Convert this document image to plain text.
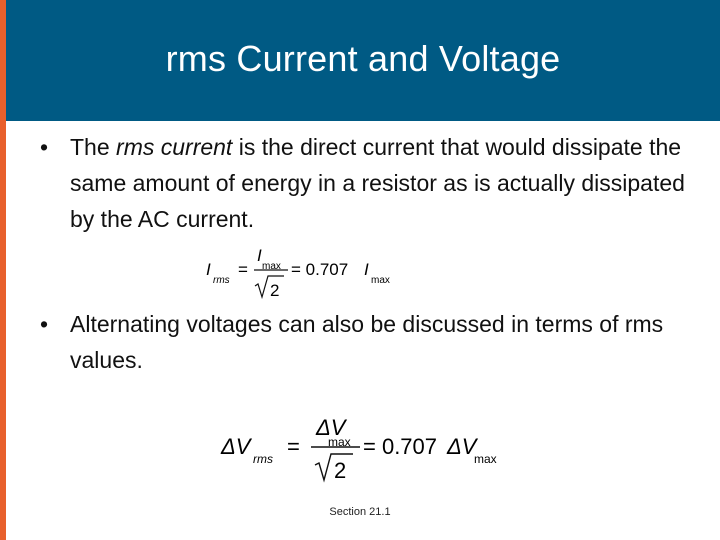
rms Current and Voltage
• The rms current is the direct current that would dissipate the same amount of energy in a resistor as is actually dissipated by the AC current.
I
rms
=
I
max
2
= 0.707 I
max
• Alternating voltages can also be discussed in terms of rms values.
ΔV rms =
ΔV
max
2
= 0.707 ΔV
max
Section 21.1
